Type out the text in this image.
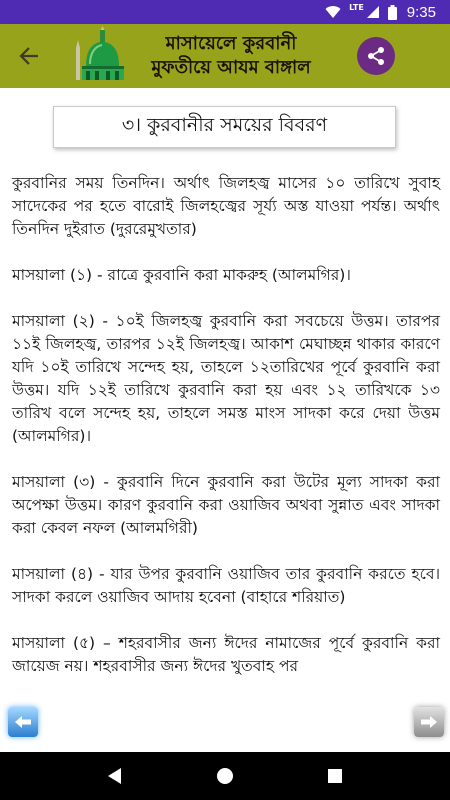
LTE	9:35
মাসায়েলে কুরবানী
মুফতীয়ে আযম বাঙ্গাল
৩। কুরবানীর সময়ের বিবরণ

কুরবানির সময় তিনদিন। অর্থাৎ জিলহজ্ব মাসের ১০ তারিখে সুবাহ সাদেকের পর হতে বারোই জিলহজ্বের সূর্য্য অস্ত যাওয়া পর্যন্ত। অর্থাৎ তিনদিন দুইরাত (দুররেমুখতার)

মাসয়ালা (১) - রাত্রে কুরবানি করা মাকরুহ (আলমগির)।

মাসয়ালা (২) - ১০ই জিলহজ্ব কুরবানি করা সবচেয়ে উত্তম। তারপর ১১ই জিলহজ্ব, তারপর ১২ই জিলহজ্ব। আকাশ মেঘাচ্ছন্ন থাকার কারণে যদি ১০ই তারিখে সন্দেহ হয়, তাহলে ১২তারিখের পূর্বে কুরবানি করা উত্তম। যদি ১২ই তারিখে কুরবানি করা হয় এবং ১২ তারিখকে ১৩ তারিখ বলে সন্দেহ হয়, তাহলে সমস্ত মাংস সাদকা করে দেয়া উত্তম (আলমগির)।

মাসয়ালা (৩) - কুরবানি দিনে কুরবানি করা উটের মূল্য সাদকা করা অপেক্ষা উত্তম। কারণ কুরবানি করা ওয়াজিব অথবা সুন্নাত এবং সাদকা করা কেবল নফল (আলমগিরী)

মাসয়ালা (৪) - যার উপর কুরবানি ওয়াজিব তার কুরবানি করতে হবে। সাদকা করলে ওয়াজিব আদায় হবেনা (বাহারে শরিয়াত)

মাসয়ালা (৫) – শহরবাসীর জন্য ঈদের নামাজের পূর্বে কুরবানি করা জায়েজ নয়। শহরবাসীর জন্য ঈদের খুতবাহ পর
